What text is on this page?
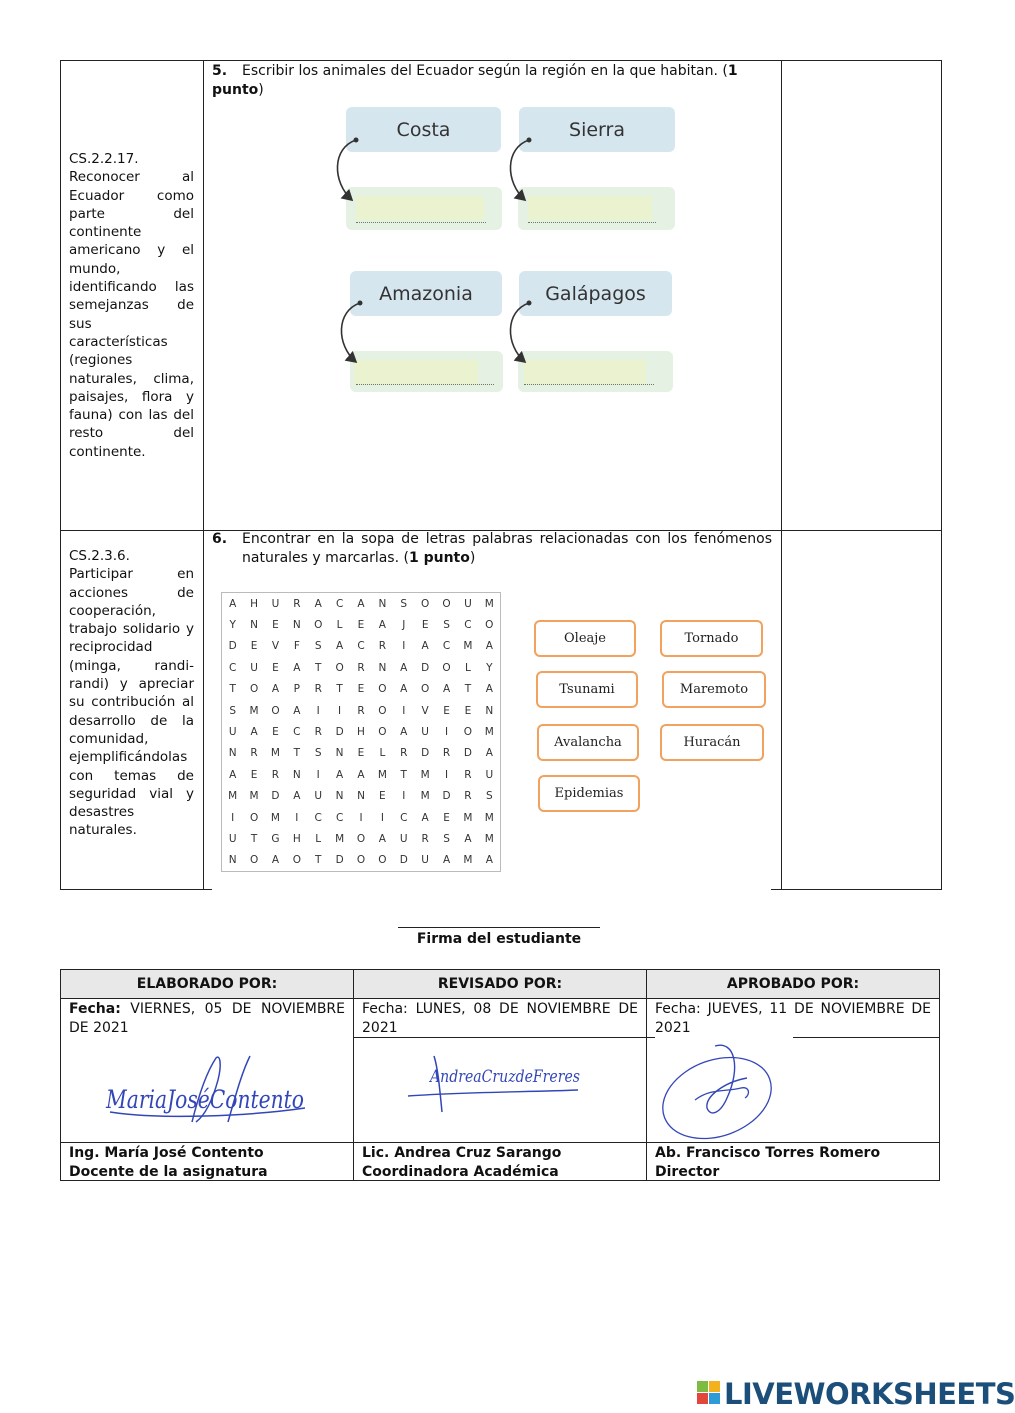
CS.2.2.17. Reconocer al Ecuador como parte del continente americano y el mundo, identificando las semejanzas de sus características (regiones naturales, clima, paisajes, flora y fauna) con las del resto del continente.
5. Escribir los animales del Ecuador según la región en la que habitan. (1 punto)
Costa	Sierra
Amazonia	Galápagos
CS.2.3.6. Participar en acciones de cooperación, trabajo solidario y reciprocidad (minga, randi-randi) y apreciar su contribución al desarrollo de la comunidad, ejemplificándolas con temas de seguridad vial y desastres naturales.
6.	Encontrar en la sopa de letras palabras relacionadas con los fenómenos naturales y marcarlas. (1 punto)
A	H	U	R	A	C	A	N	S	O	O	U	M
Y	N	E	N	O	L	E	A	J	E	S	C	O
D	E	V	F	S	A	C	R	I	A	C	M	A
C	U	E	A	T	O	R	N	A	D	O	L	Y
T	O	A	P	R	T	E	O	A	O	A	T	A
S	M	O	A	I	I	R	O	I	V	E	E	N
U	A	E	C	R	D	H	O	A	U	I	O	M
N	R	M	T	S	N	E	L	R	D	R	D	A
A	E	R	N	I	A	A	M	T	M	I	R	U
M	M	D	A	U	N	N	E	I	M	D	R	S
I	O	M	I	C	C	I	I	C	A	E	M	M
U	T	G	H	L	M	O	A	U	R	S	A	M
N	O	A	O	T	D	O	O	D	U	A	M	A
Oleaje	Tornado
Tsunami	Maremoto
Avalancha	Huracán
Epidemias
Firma del estudiante
ELABORADO POR:	REVISADO POR:	APROBADO POR:
Fecha: VIERNES, 05 DE NOVIEMBRE DE 2021
Fecha: LUNES, 08 DE NOVIEMBRE DE 2021
Fecha: JUEVES, 11 DE NOVIEMBRE DE 2021
MariaJoséContento
AndreaCruzdeFreres
Ing. María José Contento
Docente de la asignatura
Lic. Andrea Cruz Sarango
Coordinadora Académica
Ab. Francisco Torres Romero
Director
LIVEWORKSHEETS
